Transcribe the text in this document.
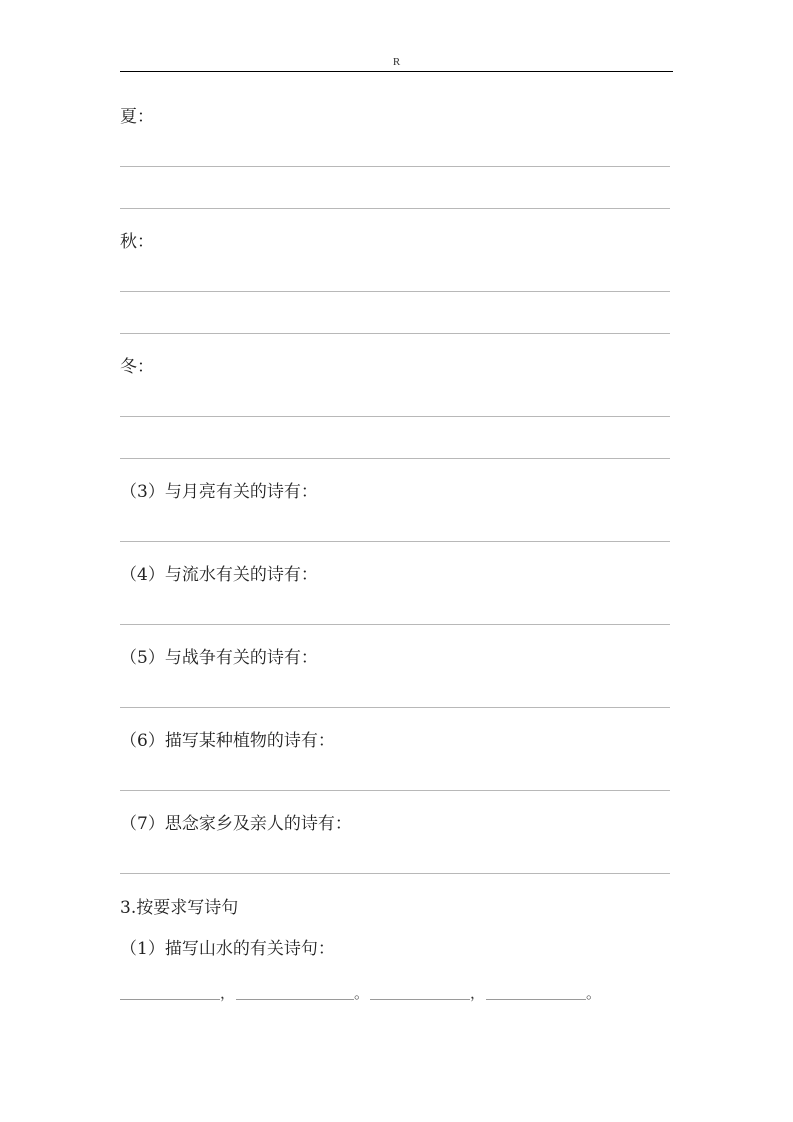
R
夏：
秋：
冬：
（3）与月亮有关的诗有：
（4）与流水有关的诗有：
（5）与战争有关的诗有：
（6）描写某种植物的诗有：
（7）思念家乡及亲人的诗有：
3.按要求写诗句
（1）描写山水的有关诗句：
，	。	，	。
